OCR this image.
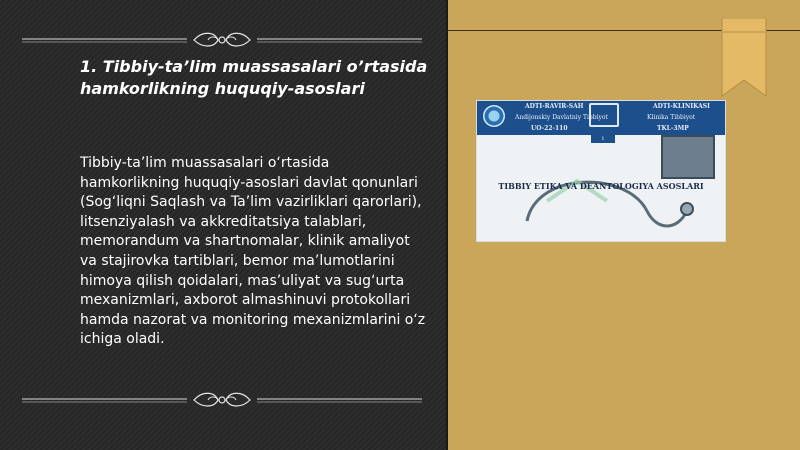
1. Tibbiy-ta’lim muassasalari o’rtasida hamkorlikning huquqiy-asoslari

Tibbiy-ta’lim muassasalari o‘rtasida hamkorlikning huquqiy-asoslari davlat qonunlari (Sog‘liqni Saqlash va Ta’lim vazirliklari qarorlari), litsenziyalash va akkreditatsiya talablari, memorandum va shartnomalar, klinik amaliyot va stajirovka tartiblari, bemor ma’lumotlarini himoya qilish qoidalari, mas’uliyat va sug‘urta mexanizmlari, axborot almashinuvi protokollari hamda nazorat va monitoring mexanizmlarini o‘z ichiga oladi.

ADTI-RAVIR-SAH
Andijonskiy Davlatniy Tibbiyot
UO-22-110
ADTI-KLINIKASI
Klinika Tibbiyot
TKL-3MP
1 MAVZU
TIBBIY ETIKA VA DEANTOLOGIYA ASOSLARI
